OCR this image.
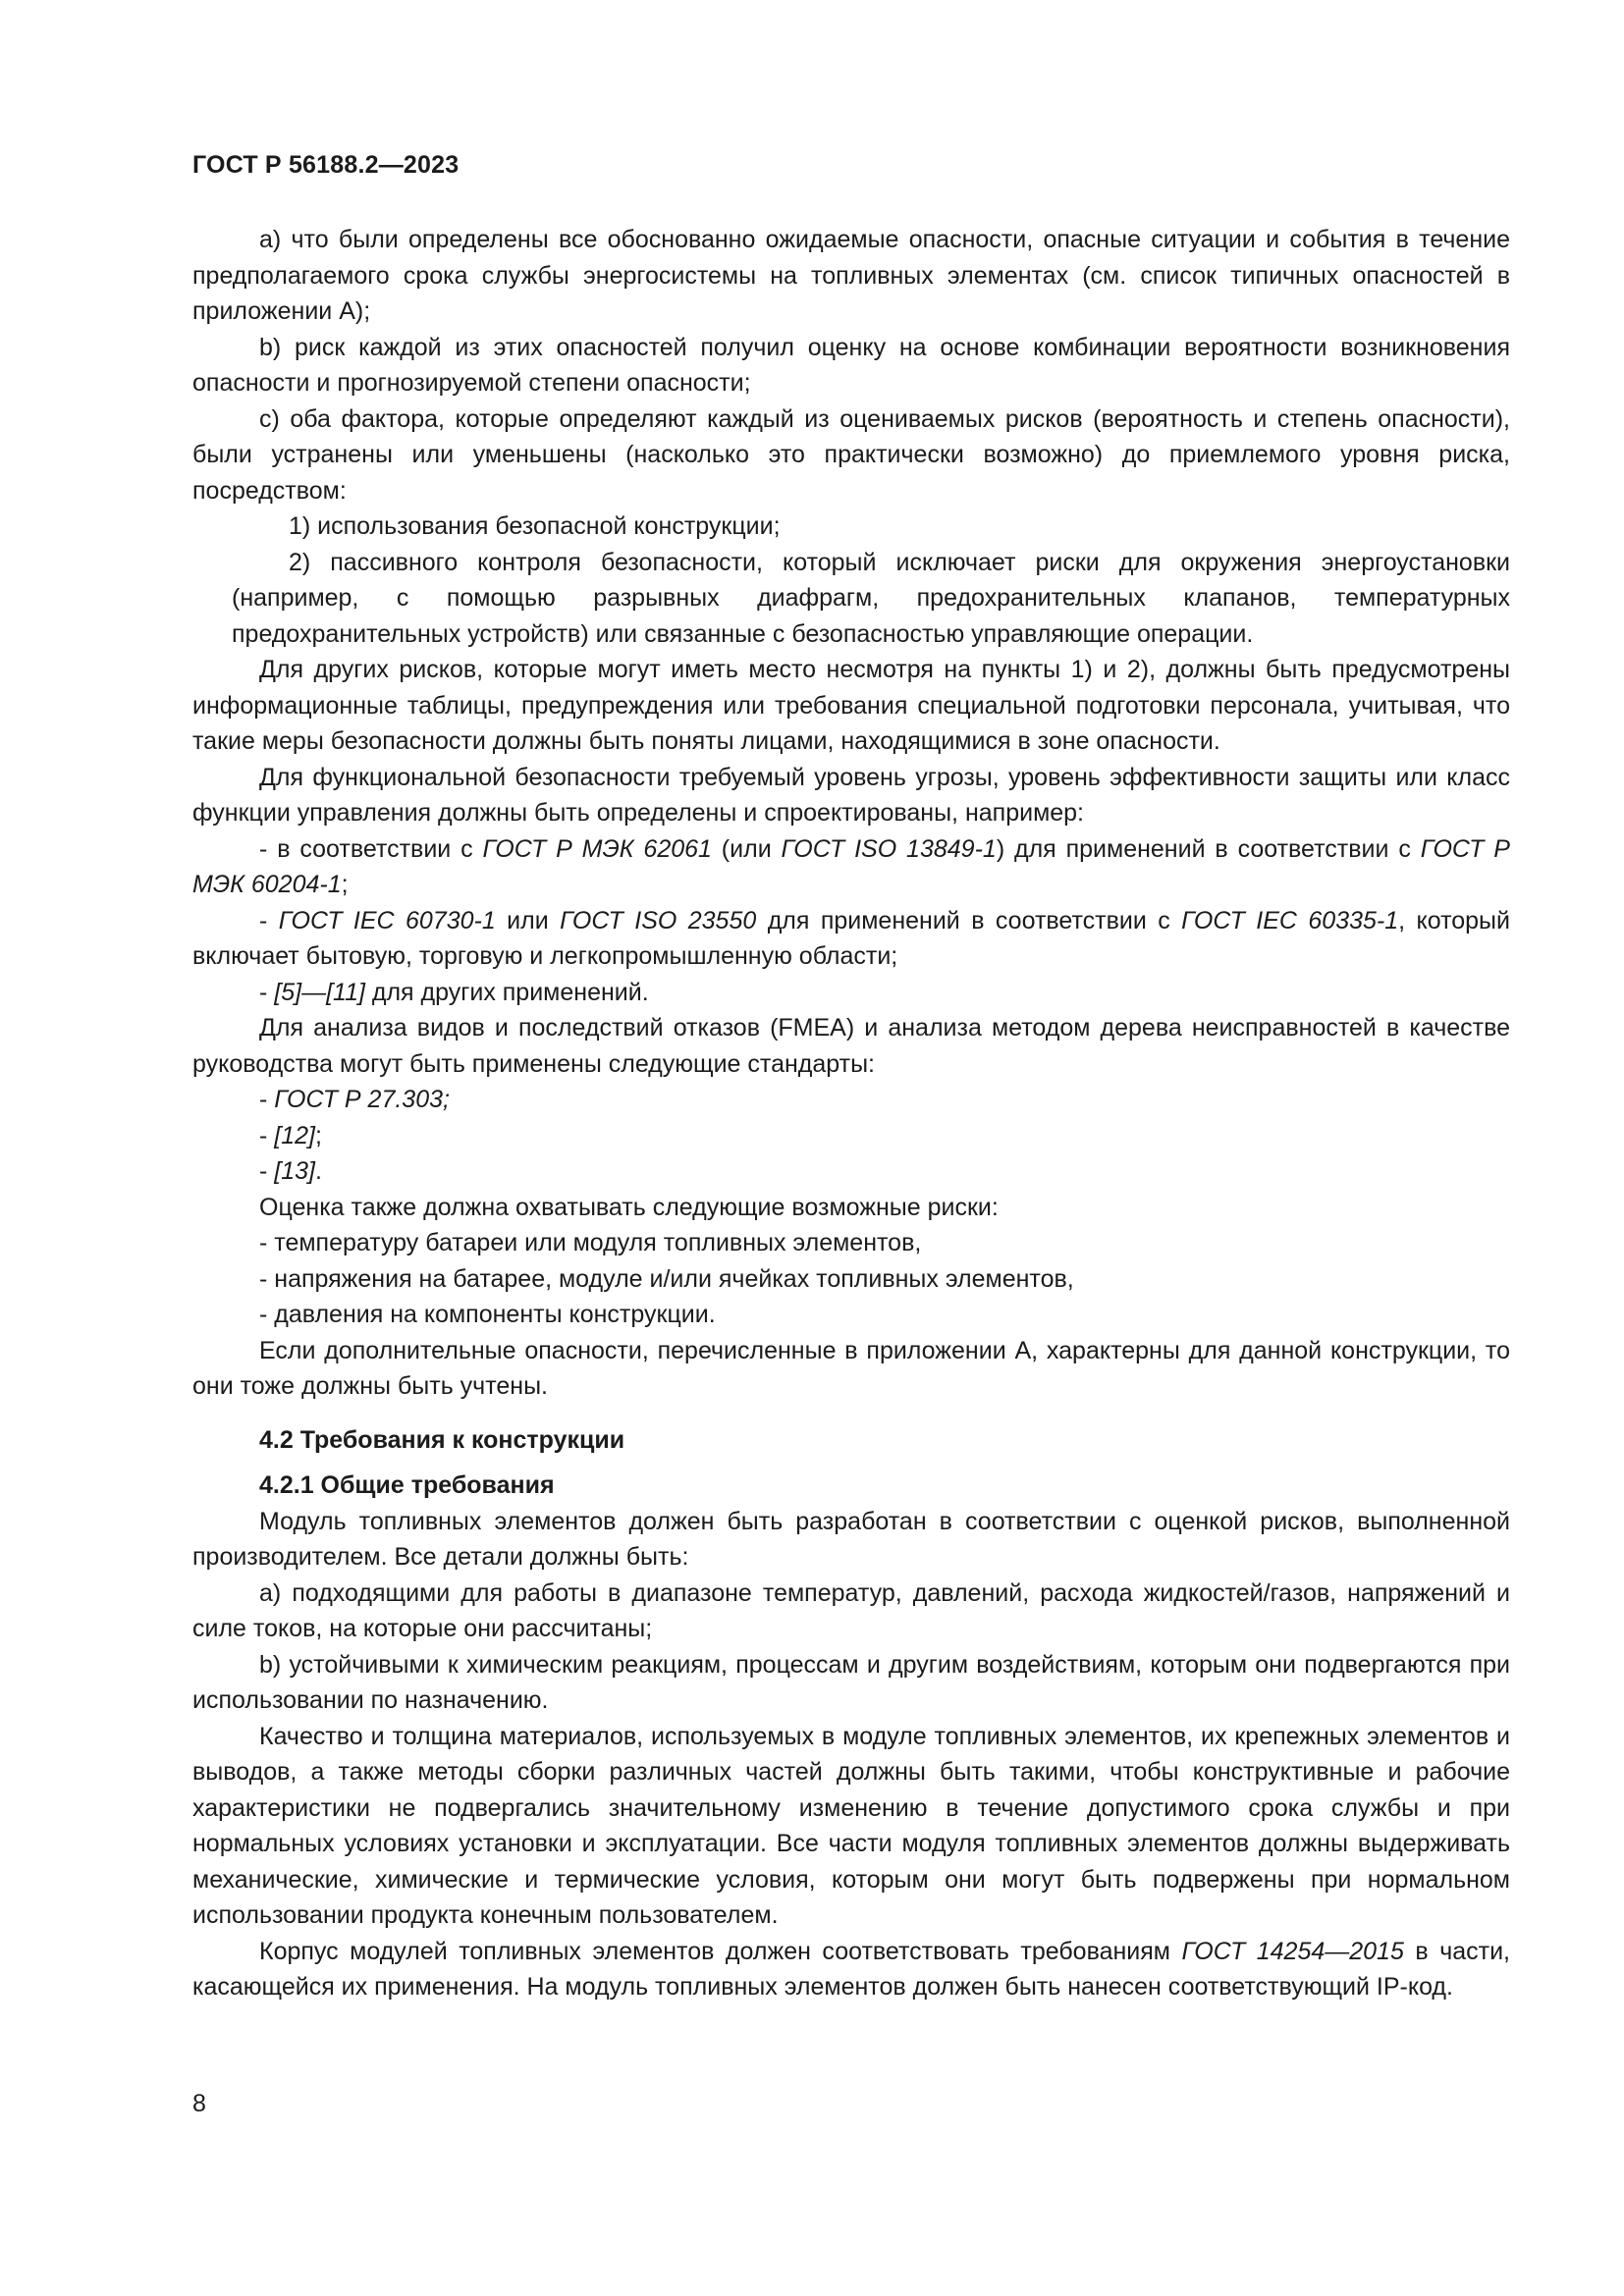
ГОСТ Р 56188.2—2023

а) что были определены все обоснованно ожидаемые опасности, опасные ситуации и события в течение предполагаемого срока службы энергосистемы на топливных элементах (см. список типичных опасностей в приложении А);

b) риск каждой из этих опасностей получил оценку на основе комбинации вероятности возникновения опасности и прогнозируемой степени опасности;

с) оба фактора, которые определяют каждый из оцениваемых рисков (вероятность и степень опасности), были устранены или уменьшены (насколько это практически возможно) до приемлемого уровня риска, посредством:

1) использования безопасной конструкции;

2) пассивного контроля безопасности, который исключает риски для окружения энергоустановки (например, с помощью разрывных диафрагм, предохранительных клапанов, температурных предохранительных устройств) или связанные с безопасностью управляющие операции.

Для других рисков, которые могут иметь место несмотря на пункты 1) и 2), должны быть предусмотрены информационные таблицы, предупреждения или требования специальной подготовки персонала, учитывая, что такие меры безопасности должны быть поняты лицами, находящимися в зоне опасности.

Для функциональной безопасности требуемый уровень угрозы, уровень эффективности защиты или класс функции управления должны быть определены и спроектированы, например:

- в соответствии с ГОСТ Р МЭК 62061 (или ГОСТ ISO 13849-1) для применений в соответствии с ГОСТ Р МЭК 60204-1;

- ГОСТ IEC 60730-1 или ГОСТ ISO 23550 для применений в соответствии с ГОСТ IEC 60335-1, который включает бытовую, торговую и легкопромышленную области;

- [5]—[11] для других применений.

Для анализа видов и последствий отказов (FMEA) и анализа методом дерева неисправностей в качестве руководства могут быть применены следующие стандарты:

- ГОСТ Р 27.303;

- [12];

- [13].

Оценка также должна охватывать следующие возможные риски:

- температуру батареи или модуля топливных элементов,

- напряжения на батарее, модуле и/или ячейках топливных элементов,

- давления на компоненты конструкции.

Если дополнительные опасности, перечисленные в приложении А, характерны для данной конструкции, то они тоже должны быть учтены.

4.2 Требования к конструкции

4.2.1 Общие требования

Модуль топливных элементов должен быть разработан в соответствии с оценкой рисков, выполненной производителем. Все детали должны быть:

а) подходящими для работы в диапазоне температур, давлений, расхода жидкостей/газов, напряжений и силе токов, на которые они рассчитаны;

b) устойчивыми к химическим реакциям, процессам и другим воздействиям, которым они подвергаются при использовании по назначению.

Качество и толщина материалов, используемых в модуле топливных элементов, их крепежных элементов и выводов, а также методы сборки различных частей должны быть такими, чтобы конструктивные и рабочие характеристики не подвергались значительному изменению в течение допустимого срока службы и при нормальных условиях установки и эксплуатации. Все части модуля топливных элементов должны выдерживать механические, химические и термические условия, которым они могут быть подвержены при нормальном использовании продукта конечным пользователем.

Корпус модулей топливных элементов должен соответствовать требованиям ГОСТ 14254—2015 в части, касающейся их применения. На модуль топливных элементов должен быть нанесен соответствующий IP-код.

8
